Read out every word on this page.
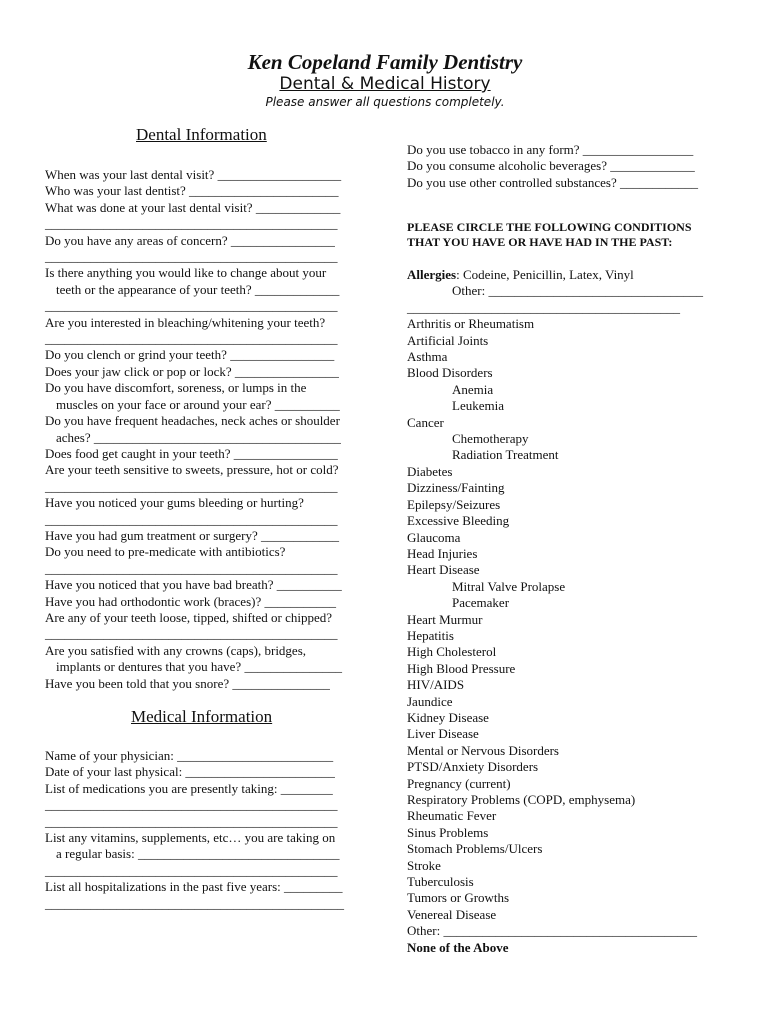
Ken Copeland Family Dentistry
Dental & Medical History
Please answer all questions completely.
Dental Information
When was your last dental visit? ___________________
Who was your last dentist? _______________________
What was done at your last dental visit? _____________
_____________________________________________
Do you have any areas of concern? ________________
_____________________________________________
Is there anything you would like to change about your
teeth or the appearance of your teeth? _____________
_____________________________________________
Are you interested in bleaching/whitening your teeth?
_____________________________________________
Do you clench or grind your teeth? ________________
Does your jaw click or pop or lock? ________________
Do you have discomfort, soreness, or lumps in the
muscles on your face or around your ear? __________
Do you have frequent headaches, neck aches or shoulder
aches? ______________________________________
Does food get caught in your teeth? ________________
Are your teeth sensitive to sweets, pressure, hot or cold?
_____________________________________________
Have you noticed your gums bleeding or hurting?
_____________________________________________
Have you had gum treatment or surgery? ____________
Do you need to pre-medicate with antibiotics?
_____________________________________________
Have you noticed that you have bad breath? __________
Have you had orthodontic work (braces)? ___________
Are any of your teeth loose, tipped, shifted or chipped?
_____________________________________________
Are you satisfied with any crowns (caps), bridges,
implants or dentures that you have? _______________
Have you been told that you snore? _______________
Medical Information
Name of your physician: ________________________
Date of your last physical: _______________________
List of medications you are presently taking: ________
_____________________________________________
_____________________________________________
List any vitamins, supplements, etc… you are taking on
a regular basis: _______________________________
_____________________________________________
List all hospitalizations in the past five years: _________
______________________________________________
Do you use tobacco in any form? _________________
Do you consume alcoholic beverages? _____________
Do you use other controlled substances? ____________
PLEASE CIRCLE THE FOLLOWING CONDITIONS
THAT YOU HAVE OR HAVE HAD IN THE PAST:
Allergies: Codeine, Penicillin, Latex, Vinyl
Other: _________________________________
__________________________________________
Arthritis or Rheumatism
Artificial Joints
Asthma
Blood Disorders
Anemia
Leukemia
Cancer
Chemotherapy
Radiation Treatment
Diabetes
Dizziness/Fainting
Epilepsy/Seizures
Excessive Bleeding
Glaucoma
Head Injuries
Heart Disease
Mitral Valve Prolapse
Pacemaker
Heart Murmur
Hepatitis
High Cholesterol
High Blood Pressure
HIV/AIDS
Jaundice
Kidney Disease
Liver Disease
Mental or Nervous Disorders
PTSD/Anxiety Disorders
Pregnancy (current)
Respiratory Problems (COPD, emphysema)
Rheumatic Fever
Sinus Problems
Stomach Problems/Ulcers
Stroke
Tuberculosis
Tumors or Growths
Venereal Disease
Other: _______________________________________
None of the Above
